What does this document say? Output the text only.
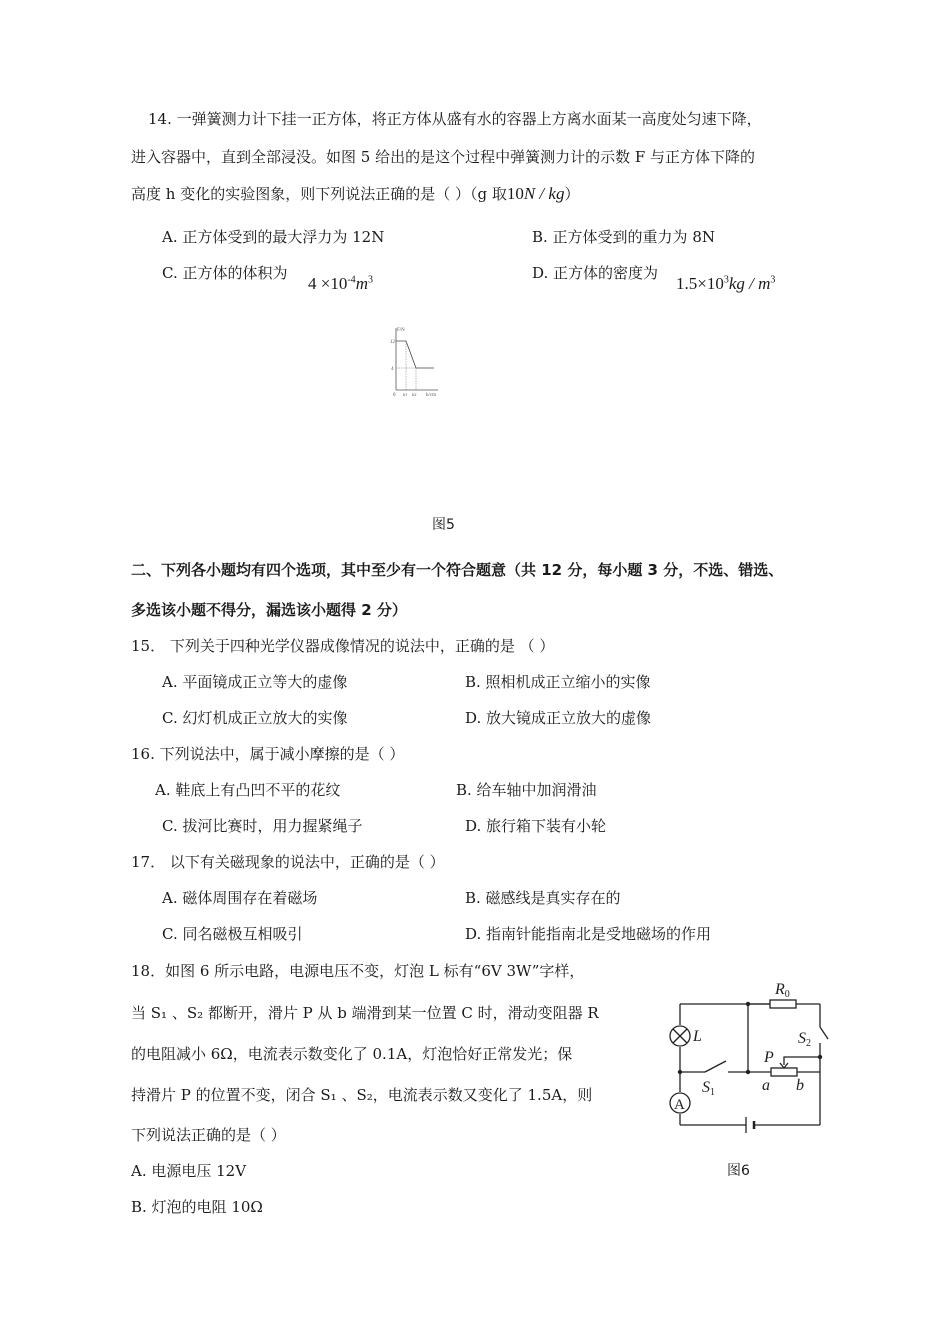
14. 一弹簧测力计下挂一正方体，将正方体从盛有水的容器上方离水面某一高度处匀速下降，
进入容器中，直到全部浸没。如图 5 给出的是这个过程中弹簧测力计的示数 F 与正方体下降的
高度 h 变化的实验图象，则下列说法正确的是（ ）（g 取10N / kg）
A. 正方体受到的最大浮力为 12N	B. 正方体受到的重力为 8N
C. 正方体的体积为
$4 \times 10^{-4}m^3$	D. 正方体的密度为
$1.5\times 10^3kg / m^3$
F/N
12
4
0 h1 h2 h/cm
图5
二、下列各小题均有四个选项，其中至少有一个符合题意（共 12 分，每小题 3 分，不选、错选、
多选该小题不得分，漏选该小题得 2 分）
15． 下列关于四种光学仪器成像情况的说法中，正确的是 （ ）
A. 平面镜成正立等大的虚像	B. 照相机成正立缩小的实像
C. 幻灯机成正立放大的实像	D. 放大镜成正立放大的虚像
16. 下列说法中，属于减小摩擦的是（ ）
A. 鞋底上有凸凹不平的花纹	B. 给车轴中加润滑油
C. 拔河比赛时，用力握紧绳子	D. 旅行箱下装有小轮
17． 以下有关磁现象的说法中，正确的是（ ）
A. 磁体周围存在着磁场	B. 磁感线是真实存在的
C. 同名磁极互相吸引	D. 指南针能指南北是受地磁场的作用
18．如图 6 所示电路，电源电压不变，灯泡 L 标有“6V 3W”字样，
当 S₁ 、S₂ 都断开，滑片 P 从 b 端滑到某一位置 C 时，滑动变阻器 R
的电阻减小 6Ω，电流表示数变化了 0.1A，灯泡恰好正常发光；保
持滑片 P 的位置不变，闭合 S₁ 、S₂，电流表示数又变化了 1.5A，则
下列说法正确的是（ ）
A. 电源电压 12V
B. 灯泡的电阻 10Ω
R0
L	S2
P
S1	a b
A
图6
